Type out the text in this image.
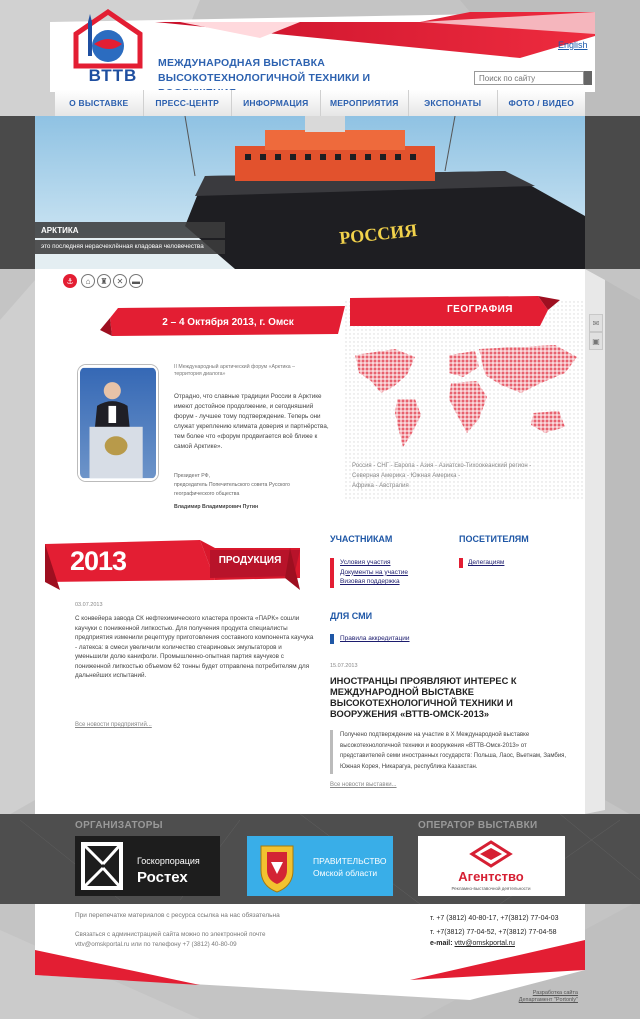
ВТТВ
МЕЖДУНАРОДНАЯ ВЫСТАВКА
ВЫСОКОТЕХНОЛОГИЧНОЙ ТЕХНИКИ И
English
Поиск по сайту
О ВЫСТАВКЕ	ПРЕСС-ЦЕНТР	ИНФОРМАЦИЯ	МЕРОПРИЯТИЯ	ЭКСПОНАТЫ	ФОТО / ВИДЕО
РОССИЯ
АРКТИКА
это последняя нерасчехлённая кладовая человечества
⚓	⌂	♜	✕	▬
✉
▣
2 – 4 Октября 2013, г. Омск
ГЕОГРАФИЯ
II Международный арктический форум «Арктика –
территория диалога»
Отрадно, что славные традиции России в Арктике имеют достойное продолжение, и сегодняшний форум - лучшее тому подтверждение. Теперь они служат укреплению климата доверия и партнёрства, тем более что «форум продвигается всё ближе к самой Арктике».
Президент РФ,
председатель Попечительского совета Русского
географического общества
Владимир Владимирович Путин
Россия - СНГ - Европа - Азия - Азиатско-Тихоокеанский регион -
Северная Америка - Южная Америка -
Африка - Австралия
2013	ПРОДУКЦИЯ
03.07.2013
С конвейера завода СК нефтехимического кластера проекта «ПАРК» сошли каучуки с пониженной липкостью. Для получения продукта специалисты предприятия изменили рецептуру приготовления составного компонента каучука - латекса: в смеси увеличили количество стеариновых эмульгаторов и уменьшили долю канифоли. Промышленно-опытная партия каучуков с пониженной липкостью объемом 62 тонны будет отправлена потребителям для дальнейших испытаний.
Все новости предприятий...
УЧАСТНИКАМ
Условия участия
Документы на участие
Визовая поддержка
ПОСЕТИТЕЛЯМ
Делегациям
ДЛЯ СМИ
Правила аккредитации
15.07.2013
ИНОСТРАНЦЫ ПРОЯВЛЯЮТ ИНТЕРЕС К МЕЖДУНАРОДНОЙ ВЫСТАВКЕ ВЫСОКОТЕХНОЛОГИЧНОЙ ТЕХНИКИ И ВООРУЖЕНИЯ «ВТТВ-ОМСК-2013»
Получено подтверждение на участие в X Международной выставке высокотехнологичной техники и вооружения «ВТТВ-Омск-2013» от представителей семи иностранных государств: Польша, Лаос, Вьетнам, Замбия, Южная Корея, Никарагуа, республика Казахстан.
Все новости выставки...
ОРГАНИЗАТОРЫ	ОПЕРАТОР ВЫСТАВКИ
Госкорпорация
Ростех
ПРАВИТЕЛЬСТВО
Омской области	Агентство
Рекламно-выставочной деятельности
При перепечатке материалов с ресурса ссылка на нас обязательна
Связаться с администрацией сайта можно по электронной почте
vttv@omskportal.ru или по телефону +7 (3812) 40-80-09
т. +7 (3812) 40-80-17, +7(3812) 77-04-03
т. +7(3812) 77-04-52, +7(3812) 77-04-58
e-mail: vttv@omskportal.ru
Разработка сайта
Департамент "Portonly"
